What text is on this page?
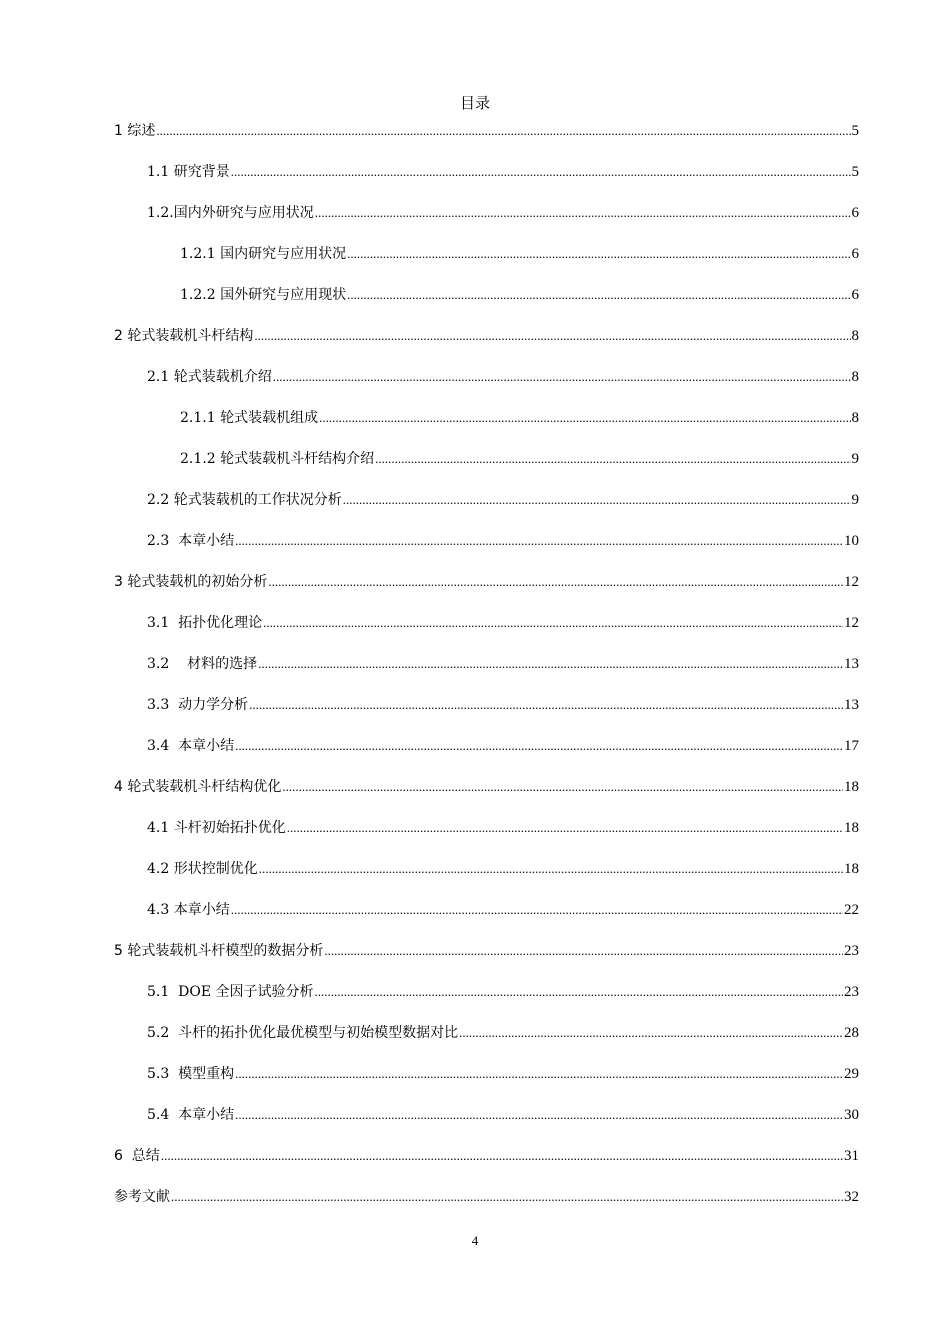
目录
1 综述 .....	5
1.1 研究背景 .....	5
1.2.国内外研究与应用状况 .....	6
1.2.1 国内研究与应用状况 .....	6
1.2.2 国外研究与应用现状 .....	6
2 轮式装载机斗杆结构 .....	8
2.1 轮式装载机介绍 .....	8
2.1.1 轮式装载机组成 .....	8
2.1.2 轮式装载机斗杆结构介绍 .....	9
2.2 轮式装载机的工作状况分析 .....	9
2.3  本章小结 .....	10
3 轮式装载机的初始分析 .....	12
3.1  拓扑优化理论 .....	12
3.2    材料的选择 .....	13
3.3  动力学分析 .....	13
3.4  本章小结 .....	17
4 轮式装载机斗杆结构优化 .....	18
4.1 斗杆初始拓扑优化 .....	18
4.2 形状控制优化 .....	18
4.3 本章小结 .....	22
5 轮式装载机斗杆模型的数据分析 .....	23
5.1  DOE 全因子试验分析 .....	23
5.2  斗杆的拓扑优化最优模型与初始模型数据对比 .....	28
5.3  模型重构 .....	29
5.4  本章小结 .....	30
6  总结 .....	31
参考文献 .....	32
4
